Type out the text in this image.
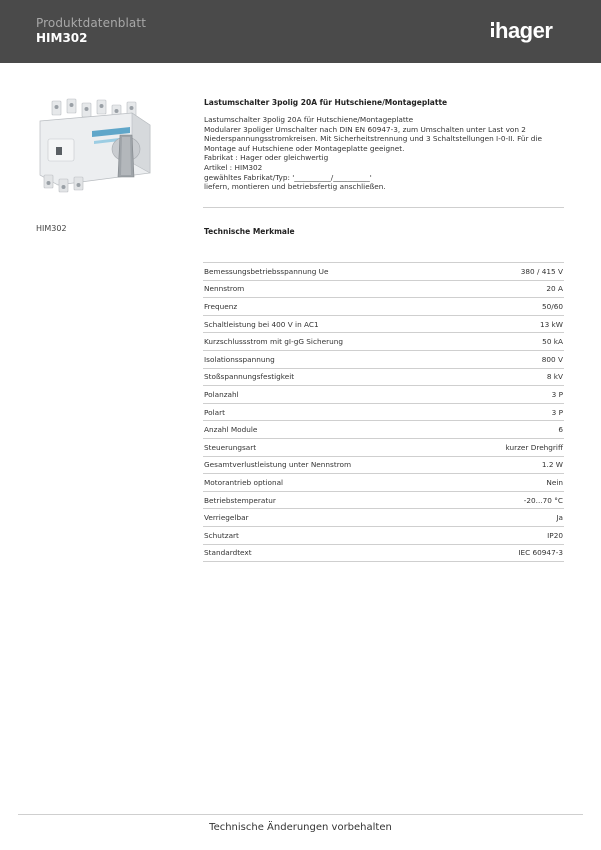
Produktdatenblatt
HIM302	hager
HIM302
Lastumschalter 3polig 20A für Hutschiene/Montageplatte
Lastumschalter 3polig 20A für Hutschiene/Montageplatte
Modularer 3poliger Umschalter nach DIN EN 60947-3, zum Umschalten unter Last von 2
Niederspannungsstromkreisen. Mit Sicherheitstrennung und 3 Schaltstellungen I-0-II. Für die
Montage auf Hutschiene oder Montageplatte geeignet.
Fabrikat : Hager oder gleichwertig
Artikel : HIM302
gewähltes Fabrikat/Typ: '__________/__________'
liefern, montieren und betriebsfertig anschließen.
Technische Merkmale
Bemessungsbetriebsspannung Ue	380 / 415 V
Nennstrom	20 A
Frequenz	50/60
Schaltleistung bei 400 V in AC1	13 kW
Kurzschlussstrom mit gI-gG Sicherung	50 kA
Isolationsspannung	800 V
Stoßspannungsfestigkeit	8 kV
Polanzahl	3 P
Polart	3 P
Anzahl Module	6
Steuerungsart	kurzer Drehgriff
Gesamtverlustleistung unter Nennstrom	1.2 W
Motorantrieb optional	Nein
Betriebstemperatur	-20...70 °C
Verriegelbar	Ja
Schutzart	IP20
Standardtext	IEC 60947-3
Technische Änderungen vorbehalten
